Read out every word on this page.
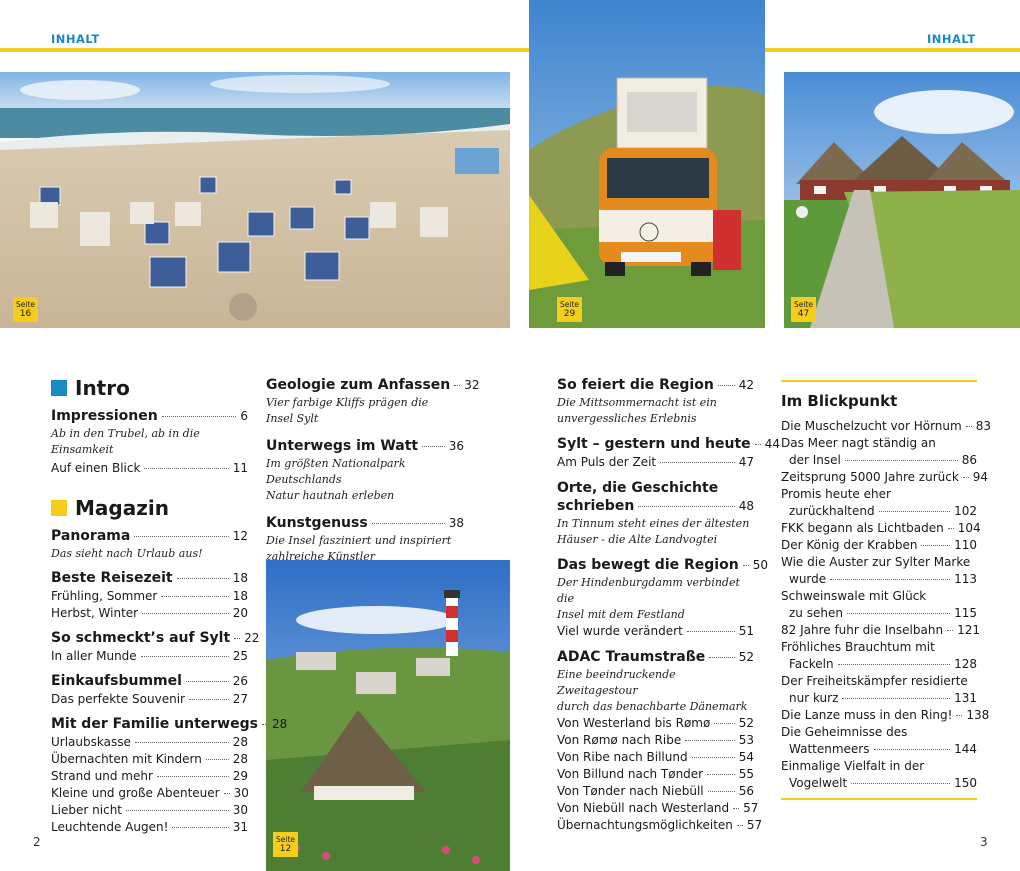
INHALT	INHALT
Seite
16
Seite
29
Seite
47
Seite
12
Intro
Impressionen	6
Ab in den Trubel, ab in die Einsamkeit
Auf einen Blick	11
Magazin
Panorama	12
Das sieht nach Urlaub aus!
Beste Reisezeit	18
Frühling, Sommer	18
Herbst, Winter	20
So schmeckt’s auf Sylt 22
In aller Munde	25
Einkaufsbummel	26
Das perfekte Souvenir	27
Mit der Familie unterwegs 28
Urlaubskasse	28
Übernachten mit Kindern	28
Strand und mehr	29
Kleine und große Abenteuer 30
Lieber nicht	30
Leuchtende Augen!	31
Geologie zum Anfassen 32
Vier farbige Kliffs prägen die
Insel Sylt
Unterwegs im Watt	36
Im größten Nationalpark Deutschlands
Natur hautnah erleben
Kunstgenuss	38
Die Insel fasziniert und inspiriert
zahlreiche Künstler
So feiert die Region 42
Die Mittsommernacht ist ein
unvergessliches Erlebnis
Sylt – gestern und heute 44
Am Puls der Zeit	47
Orte, die Geschichte
schrieben	48
In Tinnum steht eines der ältesten
Häuser - die Alte Landvogtei
Das bewegt die Region 50
Der Hindenburgdamm verbindet die
Insel mit dem Festland
Viel wurde verändert	51
ADAC Traumstraße	52
Eine beeindruckende Zweitagestour
durch das benachbarte Dänemark
Von Westerland bis Rømø 52
Von Rømø nach Ribe	53
Von Ribe nach Billund	54
Von Billund nach Tønder	55
Von Tønder nach Niebüll	56
Von Niebüll nach Westerland 57
Übernachtungsmöglichkeiten 57
Im Blickpunkt
Die Muschelzucht vor Hörnum 83
Das Meer nagt ständig an
der Insel	86
Zeitsprung 5000 Jahre zurück 94
Promis heute eher
zurückhaltend	102
FKK begann als Lichtbaden 104
Der König der Krabben	110
Wie die Auster zur Sylter Marke
wurde	113
Schweinswale mit Glück
zu sehen	115
82 Jahre fuhr die Inselbahn 121
Fröhliches Brauchtum mit
Fackeln	128
Der Freiheitskämpfer residierte
nur kurz	131
Die Lanze muss in den Ring! 138
Die Geheimnisse des
Wattenmeers	144
Einmalige Vielfalt in der
Vogelwelt	150
2	3
